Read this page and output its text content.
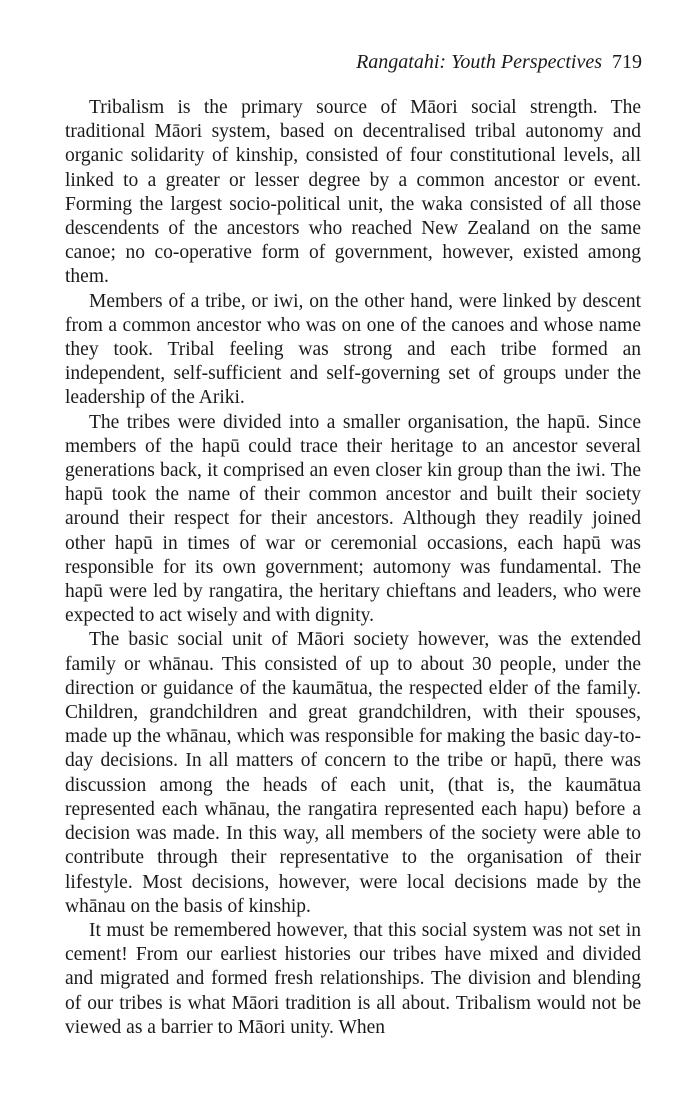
Rangatahi: Youth Perspectives 719

Tribalism is the primary source of Māori social strength. The traditional Māori system, based on decentralised tribal autonomy and organic solidarity of kinship, consisted of four constitutional levels, all linked to a greater or lesser degree by a common ancestor or event. Forming the largest socio-political unit, the waka consisted of all those descendents of the ancestors who reached New Zealand on the same canoe; no co-operative form of government, however, existed among them.

Members of a tribe, or iwi, on the other hand, were linked by descent from a common ancestor who was on one of the canoes and whose name they took. Tribal feeling was strong and each tribe formed an independent, self-sufficient and self-governing set of groups under the leadership of the Ariki.

The tribes were divided into a smaller organisation, the hapū. Since members of the hapū could trace their heritage to an ancestor several generations back, it comprised an even closer kin group than the iwi. The hapū took the name of their common ancestor and built their society around their respect for their ancestors. Although they readily joined other hapū in times of war or ceremonial occasions, each hapū was responsible for its own government; automony was fundamental. The hapū were led by rangatira, the heritary chieftans and leaders, who were expected to act wisely and with dignity.

The basic social unit of Māori society however, was the extended family or whānau. This consisted of up to about 30 people, under the direction or guidance of the kaumātua, the respected elder of the family. Children, grandchildren and great grandchildren, with their spouses, made up the whānau, which was responsible for making the basic day-to-day decisions. In all matters of concern to the tribe or hapū, there was discussion among the heads of each unit, (that is, the kaumātua represented each whānau, the rangatira represented each hapu) before a decision was made. In this way, all members of the society were able to contribute through their representative to the organisation of their lifestyle. Most decisions, however, were local decisions made by the whānau on the basis of kinship.

It must be remembered however, that this social system was not set in cement! From our earliest histories our tribes have mixed and divided and migrated and formed fresh relationships. The division and blending of our tribes is what Māori tradition is all about. Tribalism would not be viewed as a barrier to Māori unity. When
